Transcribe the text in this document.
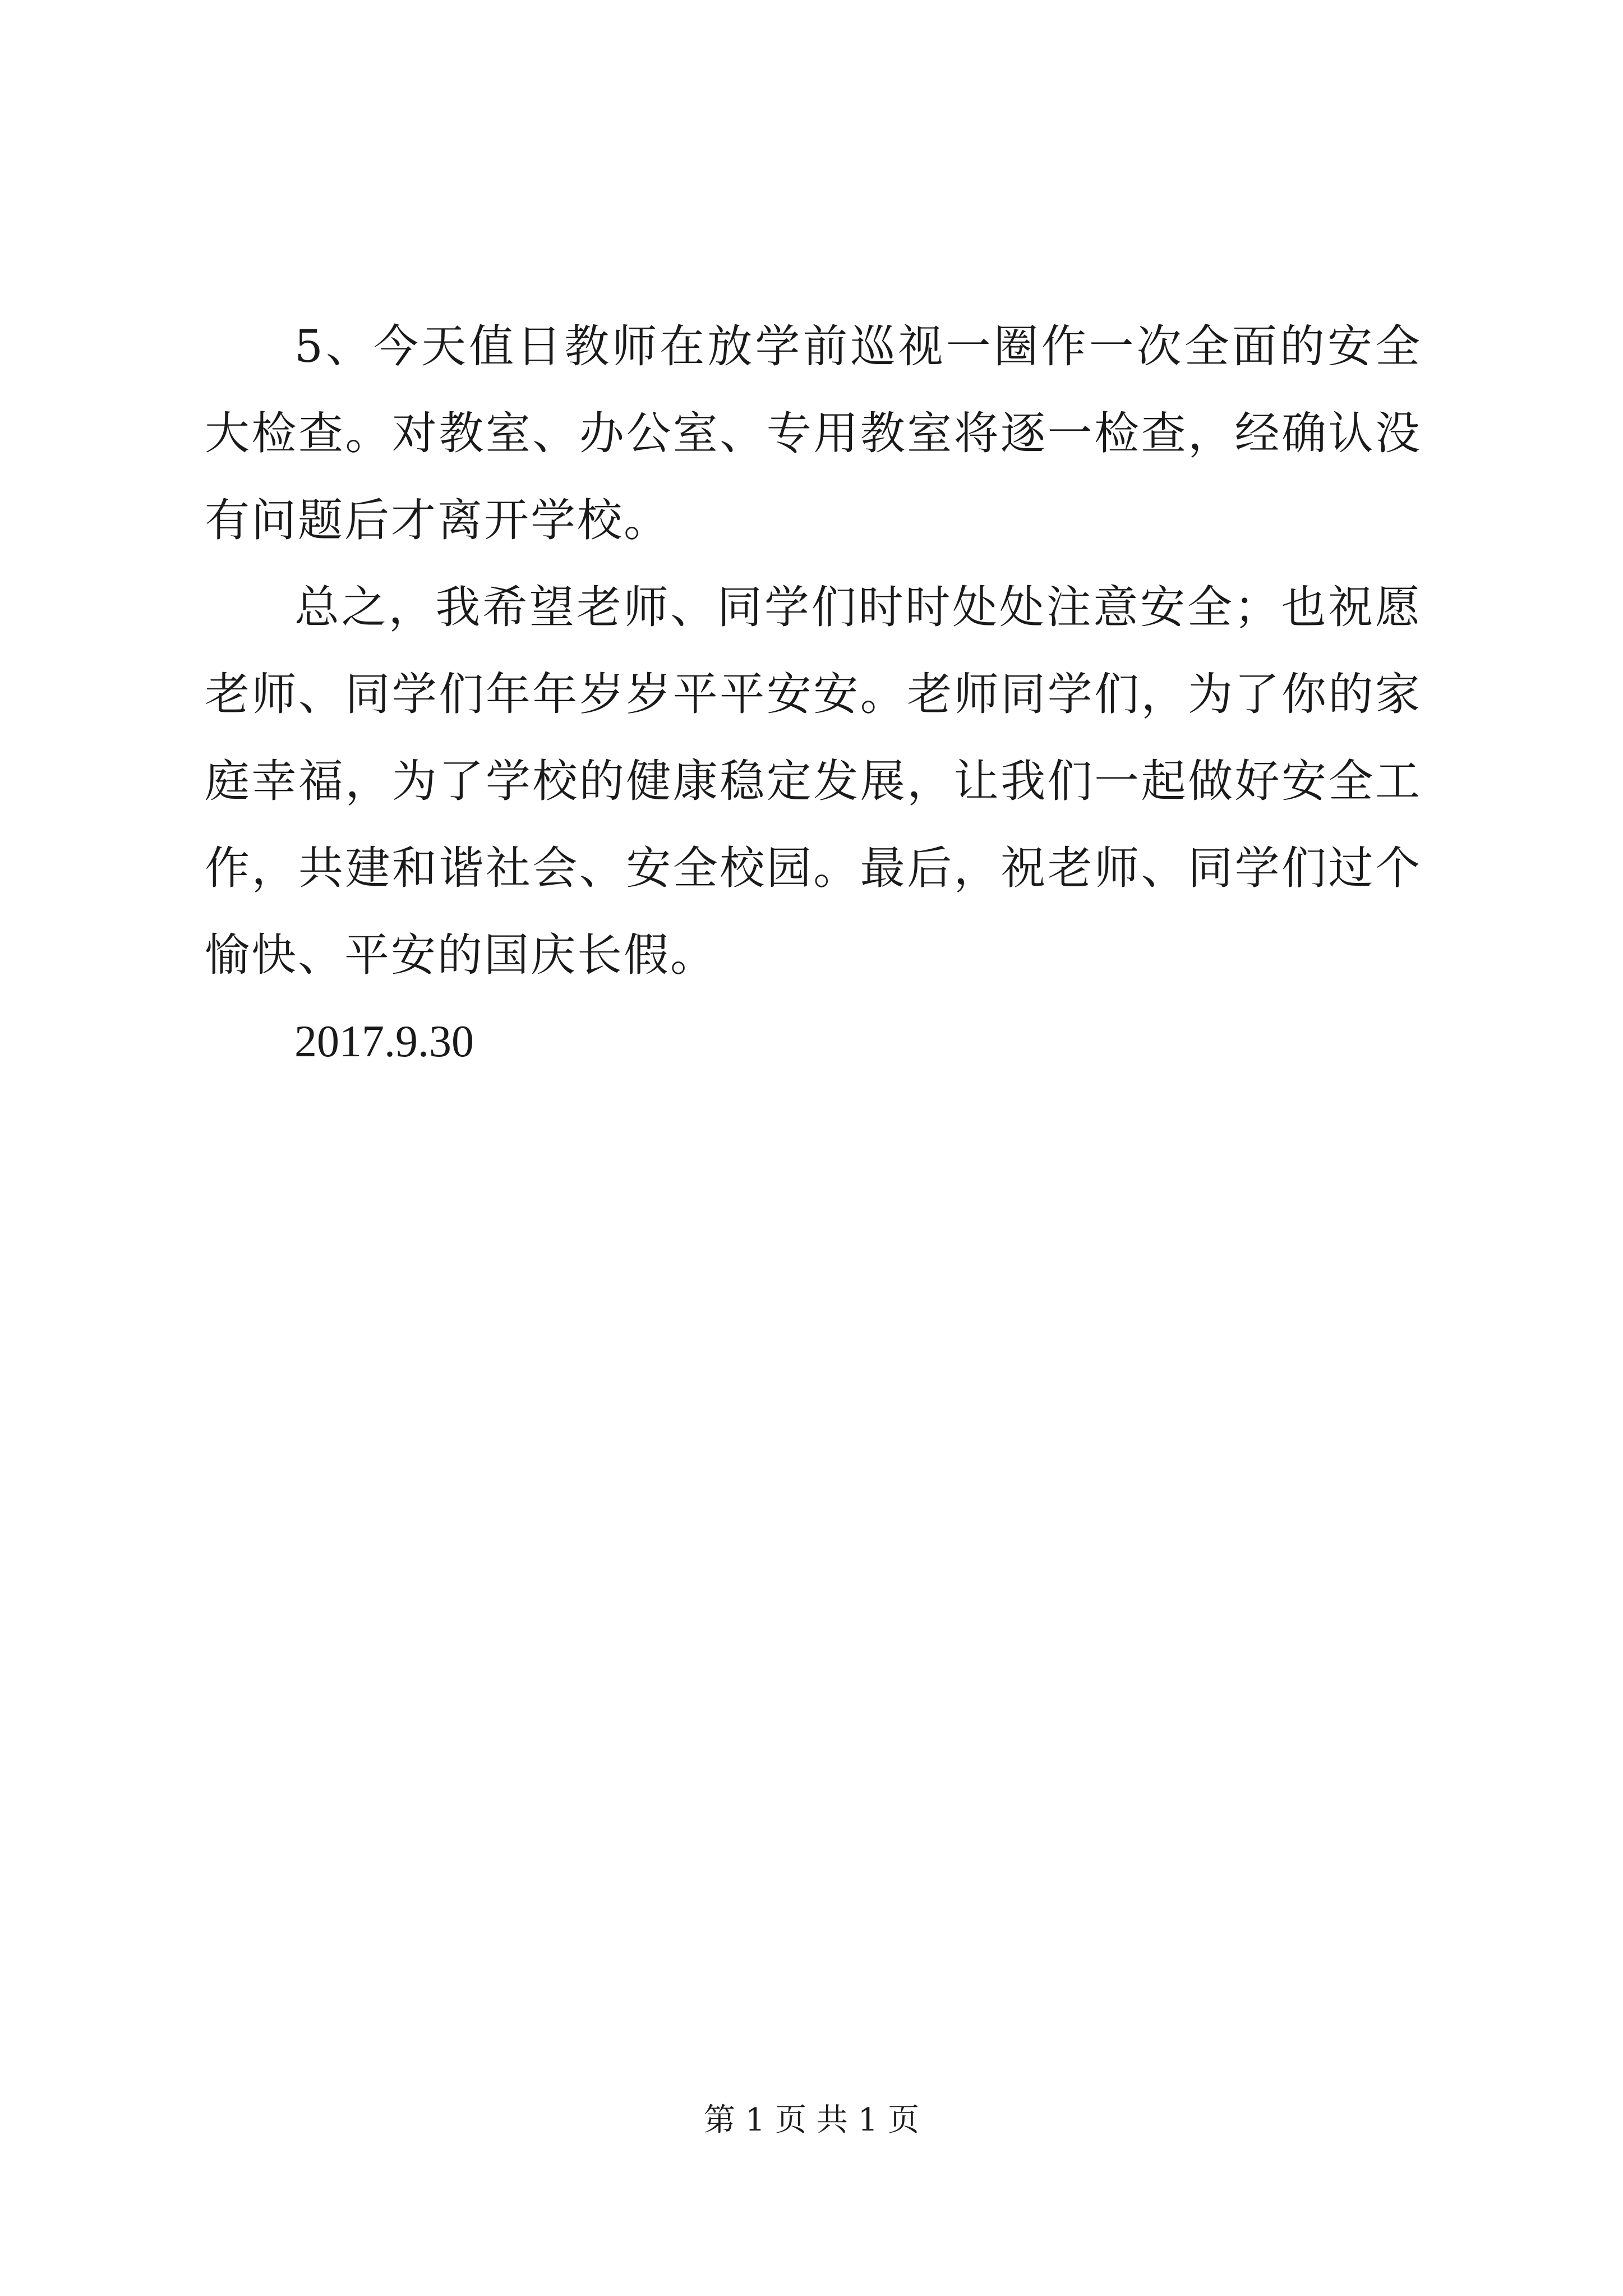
5、今天值日教师在放学前巡视一圈作一次全面的安全大检查。对教室、办公室、专用教室将逐一检查，经确认没有问题后才离开学校。

总之，我希望老师、同学们时时处处注意安全；也祝愿老师、同学们年年岁岁平平安安。老师同学们，为了你的家庭幸福，为了学校的健康稳定发展，让我们一起做好安全工作，共建和谐社会、安全校园。最后，祝老师、同学们过个愉快、平安的国庆长假。

2017.9.30

第 1 页 共 1 页
